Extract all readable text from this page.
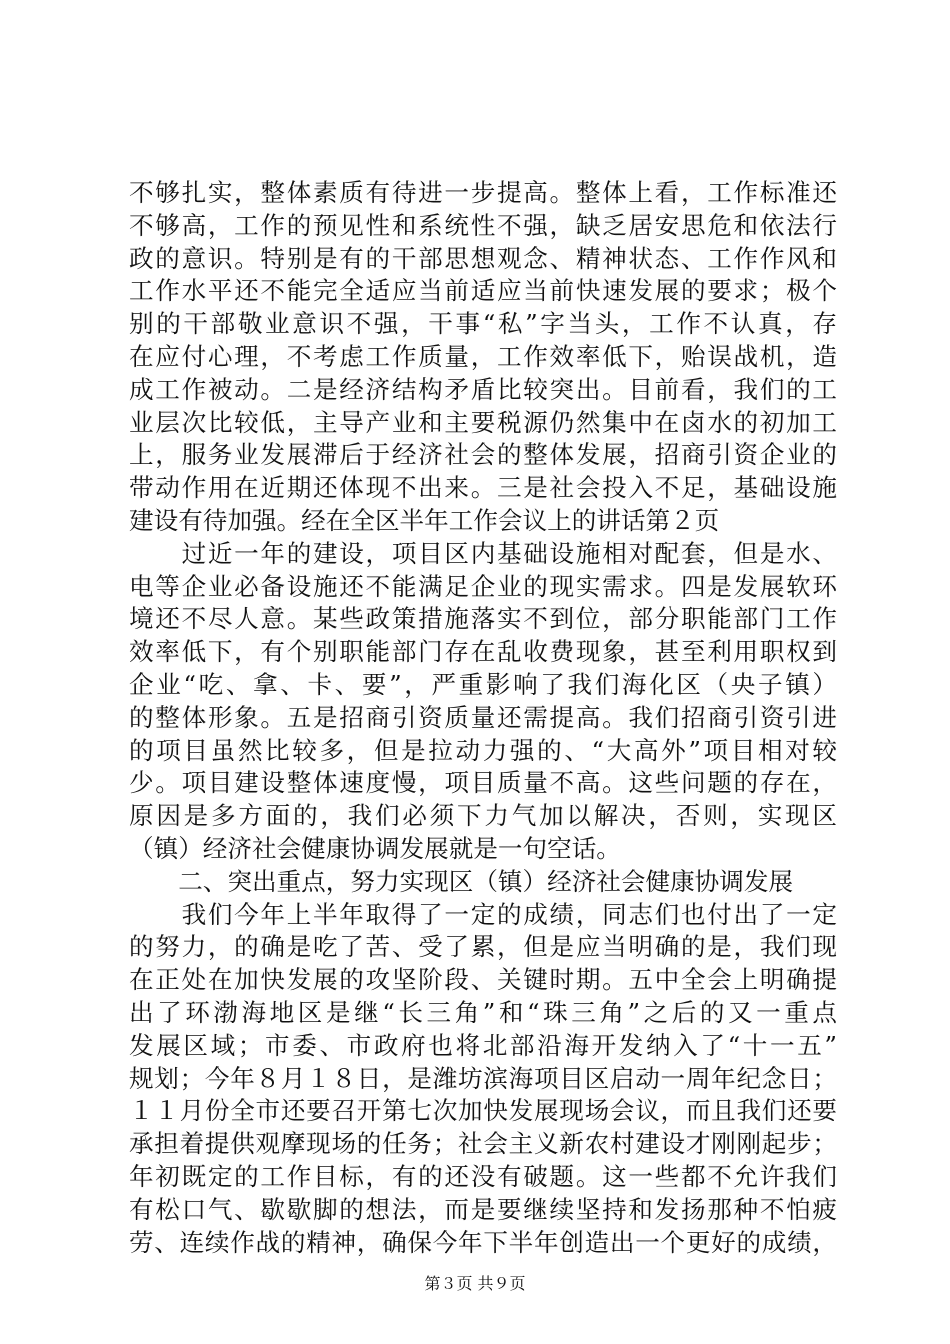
不够扎实，整体素质有待进一步提高。整体上看，工作标准还
不够高，工作的预见性和系统性不强，缺乏居安思危和依法行
政的意识。特别是有的干部思想观念、精神状态、工作作风和
工作水平还不能完全适应当前适应当前快速发展的要求；极个
别的干部敬业意识不强，干事“私”字当头，工作不认真，存
在应付心理，不考虑工作质量，工作效率低下，贻误战机，造
成工作被动。二是经济结构矛盾比较突出。目前看，我们的工
业层次比较低，主导产业和主要税源仍然集中在卤水的初加工
上，服务业发展滞后于经济社会的整体发展，招商引资企业的
带动作用在近期还体现不出来。三是社会投入不足，基础设施
建设有待加强。经在全区半年工作会议上的讲话第２页
　　过近一年的建设，项目区内基础设施相对配套，但是水、
电等企业必备设施还不能满足企业的现实需求。四是发展软环
境还不尽人意。某些政策措施落实不到位，部分职能部门工作
效率低下，有个别职能部门存在乱收费现象，甚至利用职权到
企业“吃、拿、卡、要”，严重影响了我们海化区（央子镇）
的整体形象。五是招商引资质量还需提高。我们招商引资引进
的项目虽然比较多，但是拉动力强的、“大高外”项目相对较
少。项目建设整体速度慢，项目质量不高。这些问题的存在，
原因是多方面的，我们必须下力气加以解决，否则，实现区
（镇）经济社会健康协调发展就是一句空话。
　　二、突出重点，努力实现区（镇）经济社会健康协调发展
　　我们今年上半年取得了一定的成绩，同志们也付出了一定
的努力，的确是吃了苦、受了累，但是应当明确的是，我们现
在正处在加快发展的攻坚阶段、关键时期。五中全会上明确提
出了环渤海地区是继“长三角”和“珠三角”之后的又一重点
发展区域；市委、市政府也将北部沿海开发纳入了“十一五”
规划；今年８月１８日，是潍坊滨海项目区启动一周年纪念日；
１１月份全市还要召开第七次加快发展现场会议，而且我们还要
承担着提供观摩现场的任务；社会主义新农村建设才刚刚起步；
年初既定的工作目标，有的还没有破题。这一些都不允许我们
有松口气、歇歇脚的想法，而是要继续坚持和发扬那种不怕疲
劳、连续作战的精神，确保今年下半年创造出一个更好的成绩，
第３页 共９页
